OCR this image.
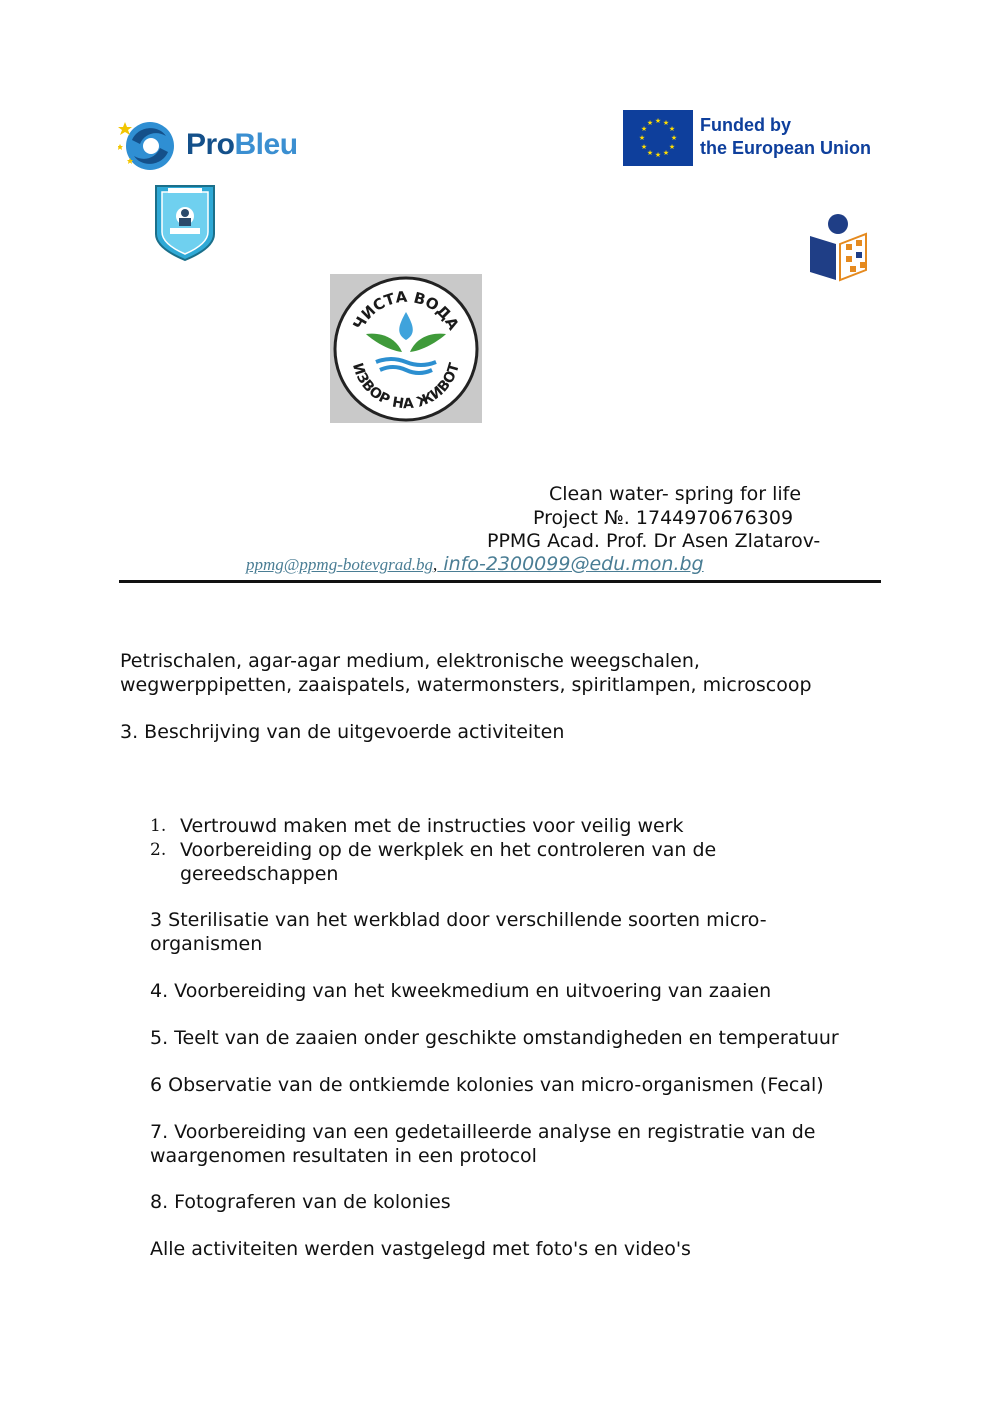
ProBleu
★ ★
★
★
★
★
★
★
★
★
★
★	Funded by
the European Union
ЧИСТА ВОДА
ИЗВОР НА ЖИВОТ
Clean water- spring for life
Project №. 1744970676309
PPMG Acad. Prof. Dr Asen Zlatarov-
ppmg@ppmg-botevgrad.bg, info-2300099@edu.mon.bg
Petrischalen, agar-agar medium, elektronische weegschalen,
wegwerppipetten, zaaispatels, watermonsters, spiritlampen, microscoop
3. Beschrijving van de uitgevoerde activiteiten
1. Vertrouwd maken met de instructies voor veilig werk
2. Voorbereiding op de werkplek en het controleren van de gereedschappen
3 Sterilisatie van het werkblad door verschillende soorten micro-organismen
4. Voorbereiding van het kweekmedium en uitvoering van zaaien
5. Teelt van de zaaien onder geschikte omstandigheden en temperatuur
6 Observatie van de ontkiemde kolonies van micro-organismen (Fecal)
7. Voorbereiding van een gedetailleerde analyse en registratie van de waargenomen resultaten in een protocol
8. Fotograferen van de kolonies
Alle activiteiten werden vastgelegd met foto's en video's
